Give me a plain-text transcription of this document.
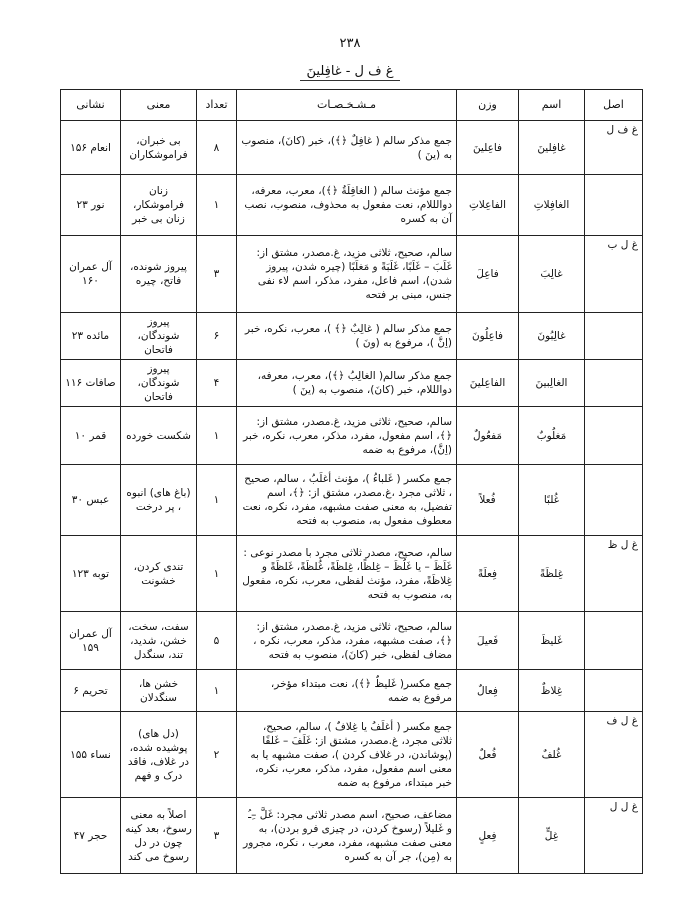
۲۳۸
غ ف ل - غافِلینَ
اصل	اسم	وزن	مـشـخـصـات	تعداد	معنی	نشانی
غ ف ل	غافِلینَ	فاعِلینَ	جمع مذکر سالم ( غافِلٌ ﴿﴾)، خبر (کانَ)، منصوب به (ینَ )	۸	بی خبران، فراموشکاران	انعام ۱۵۶
	الغافِلاتِ	الفاعِلاتِ	جمع مؤنث سالم ( الغافِلَةُ ﴿﴾)، معرب، معرفه، دوالللام، نعت مفعول به محذوف، منصوب، نصب آن به کسره	۱	زنان فراموشکار، زنان بی خبر	نور ۲۳
غ ل ب	غالِبَ	فاعِلَ	سالم، صحیح، ثلاثی مزید، غ.مصدر، مشتق از: غَلَبَ – غَلَبًا، غَلَبَةً و مَغلَبًا (چیره شدن، پیروز شدن)، اسم فاعل، مفرد، مذکر، اسم لاء نفی جنس، مبنی بر فتحه	۳	پیروز شونده، فاتح، چیره	آل عمران ۱۶۰
	غالِبُونَ	فاعِلُونَ	جمع مذکر سالم ( غالِبٌ ﴿﴾ )، معرب، نکره، خبر (اِنَّ )، مرفوع به (ونَ )	۶	پیروز شوندگان، فاتحان	مائده ۲۳
	الغالِبینَ	الفاعِلینَ	جمع مذکر سالم( الغالِبُ ﴿﴾)، معرب، معرفه، دوالللام، خبر (کانَ)، منصوب به (ینَ )	۴	پیروز شوندگان، فاتحان	صافات ۱۱۶
	مَغلُوبٌ	مَفعُولٌ	سالم، صحیح، ثلاثی مزید، غ.مصدر، مشتق از: ﴿﴾، اسم مفعول، مفرد، مذکر، معرب، نکره، خبر (اِنَّ)، مرفوع به ضمه	۱	شکست خورده	قمر ۱۰
	غُلبًا	فُعلاً	جمع مکسر ( غَلباءُ )، مؤنث أغلَبُ ، سالم، صحیح ، ثلاثی مجرد ،غ.مصدر، مشتق از: ﴿﴾، اسم تفضیل، به معنی صفت مشبهه، مفرد، نکره، نعت معطوف مفعول به، منصوب به فتحه	۱	(باغ های) انبوه ، پر درخت	عبس ۳۰
غ ل ظ	غِلظَةً	فِعلَةً	سالم، صحیح، مصدر ثلاثی مجرد با مصدر نوعی : غَلَظَ – یا غَلُظَ – غِلظًا، غِلظَةً، غُلظَةً، غَلظَةً و غِلاظَةً، مفرد، مؤنث لفظی، معرب، نکره، مفعول به، منصوب به فتحه	۱	تندی کردن، خشونت	توبه ۱۲۳
	غَلیظَ	فَعیلَ	سالم، صحیح، ثلاثی مزید، غ.مصدر، مشتق از: ﴿﴾، صفت مشبهه، مفرد، مذکر، معرب، نکره ، مضاف لفظی، خبر (کانَ)، منصوب به فتحه	۵	سفت، سخت، خشن، شدید، تند، سنگدل	آل عمران ۱۵۹
	غِلاظٌ	فِعالٌ	جمع مکسر( غَلیظٌ ﴿﴾)، نعت مبتداء مؤخر، مرفوع به ضمه	۱	خشن ها، سنگدلان	تحریم ۶
غ ل ف	غُلفٌ	فُعلٌ	جمع مکسر ( أغلَفُ یا غِلافٌ )، سالم، صحیح، ثلاثی مجرد، غ.مصدر، مشتق از: غَلَفَ – غَلفًا (پوشاندن، در غلاف کردن )، صفت مشبهه یا به معنی اسم مفعول، مفرد، مذکر، معرب، نکره، خبر مبتداء، مرفوع به ضمه	۲	(دل های) پوشیده شده، در غلاف، فاقد درک و فهم	نساء ۱۵۵
غ ل ل	غِلٍّ	فِعلٍ	مضاعف، صحیح، اسم مصدر ثلاثی مجرد: غَلَّ –ِـُ و غَلیلاً (رسوخ کردن، در چیزی فرو بردن)، به معنی صفت مشبهه، مفرد، معرب ، نکره، مجرور به (مِن)، جر آن به کسره	۳	اصلاً به معنی رسوخ، بعد کینه چون در دل رسوخ می کند	حجر ۴۷
